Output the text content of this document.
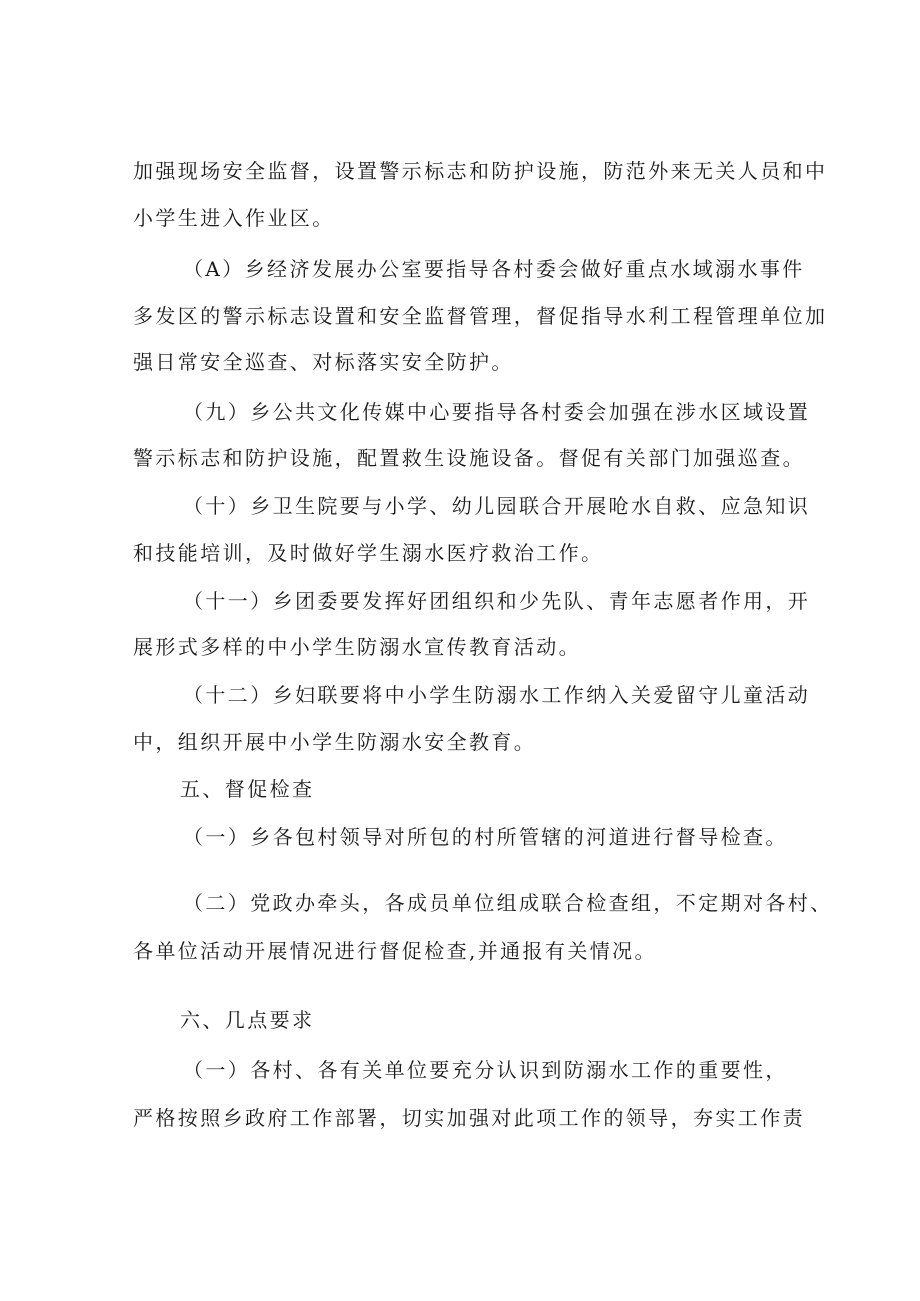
加强现场安全监督，设置警示标志和防护设施，防范外来无关人员和中
小学生进入作业区。
（A）乡经济发展办公室要指导各村委会做好重点水域溺水事件
多发区的警示标志设置和安全监督管理，督促指导水利工程管理单位加
强日常安全巡查、对标落实安全防护。
（九）乡公共文化传媒中心要指导各村委会加强在涉水区域设置
警示标志和防护设施，配置救生设施设备。督促有关部门加强巡查。
（十）乡卫生院要与小学、幼儿园联合开展呛水自救、应急知识
和技能培训，及时做好学生溺水医疗救治工作。
（十一）乡团委要发挥好团组织和少先队、青年志愿者作用，开
展形式多样的中小学生防溺水宣传教育活动。
（十二）乡妇联要将中小学生防溺水工作纳入关爱留守儿童活动
中，组织开展中小学生防溺水安全教育。
五、督促检查
（一）乡各包村领导对所包的村所管辖的河道进行督导检查。
（二）党政办牵头，各成员单位组成联合检查组，不定期对各村、
各单位活动开展情况进行督促检查,并通报有关情况。
六、几点要求
（一）各村、各有关单位要充分认识到防溺水工作的重要性，
严格按照乡政府工作部署，切实加强对此项工作的领导，夯实工作责
